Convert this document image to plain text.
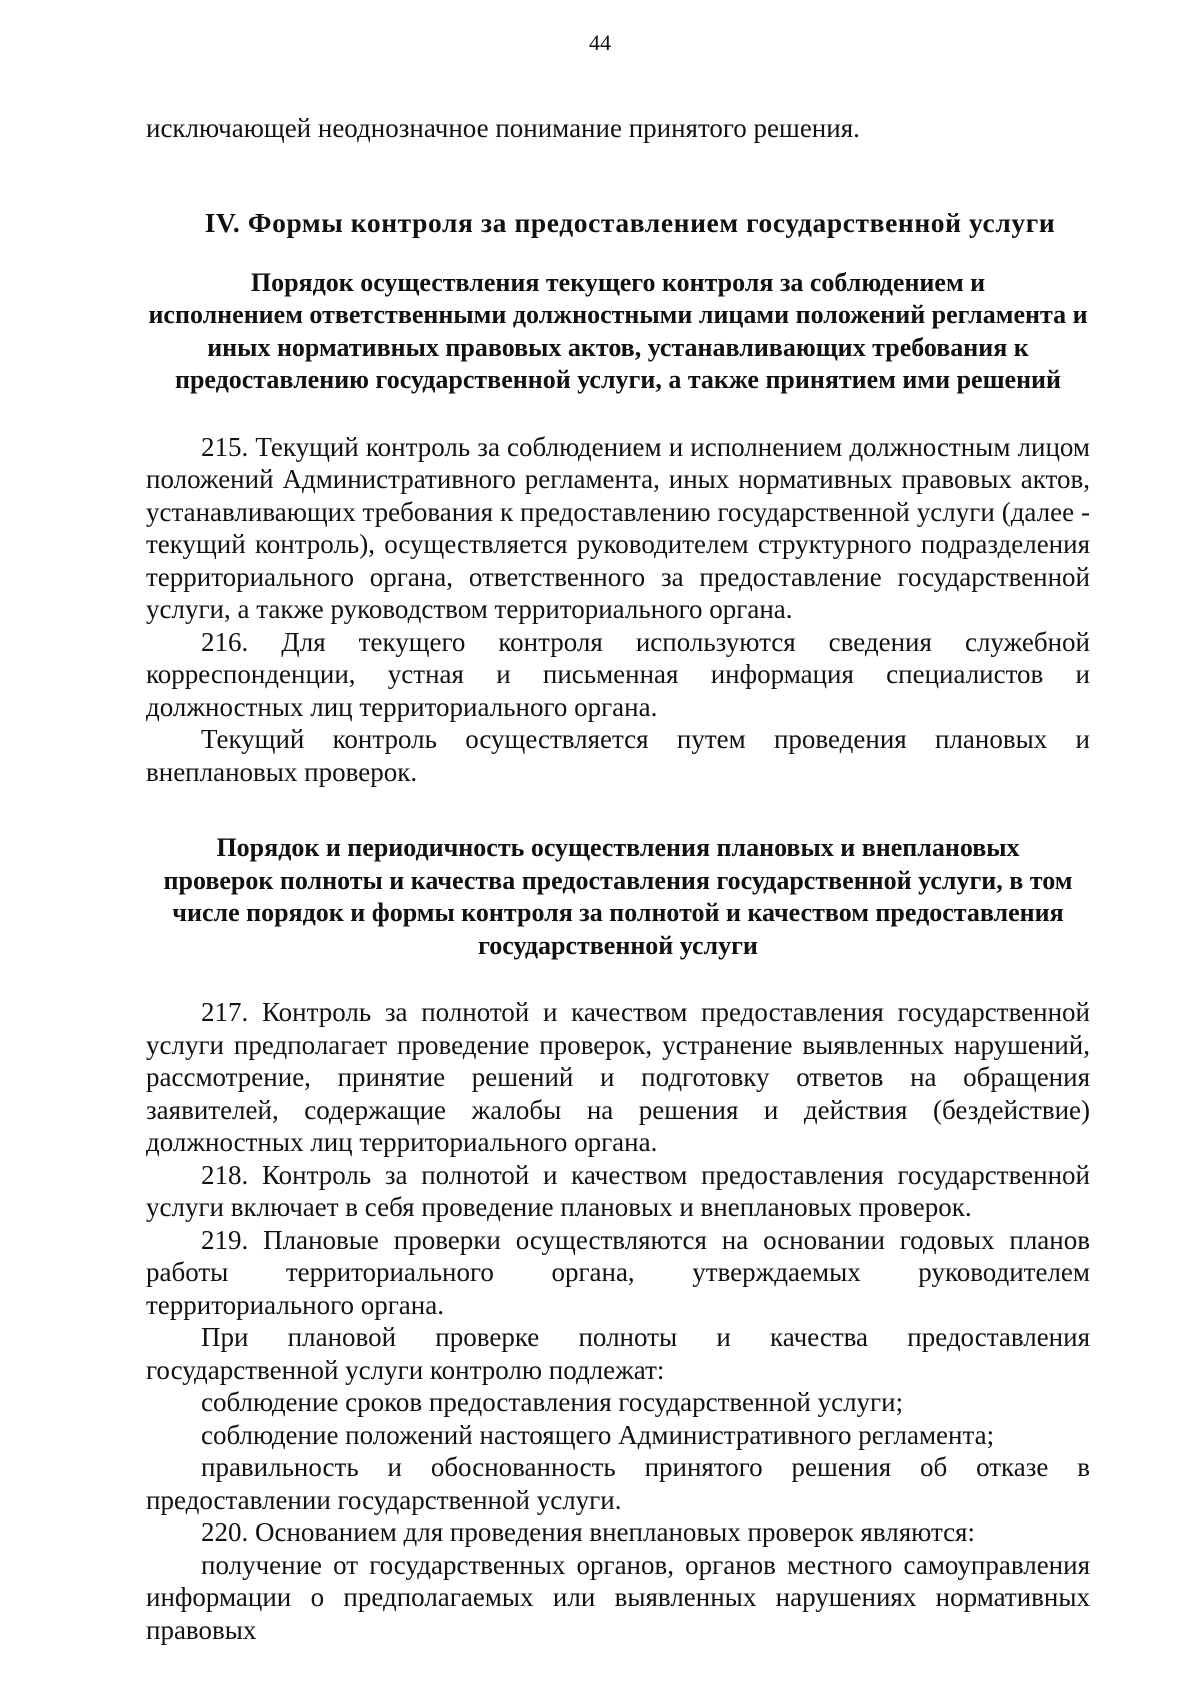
44

исключающей неоднозначное понимание принятого решения.

IV. Формы контроля за предоставлением государственной услуги
Порядок осуществления текущего контроля за соблюдением и
исполнением ответственными должностными лицами положений регламента и
иных нормативных правовых актов, устанавливающих требования к
предоставлению государственной услуги, а также принятием ими решений

215. Текущий контроль за соблюдением и исполнением должностным лицом положений Административного регламента, иных нормативных правовых актов, устанавливающих требования к предоставлению государственной услуги (далее - текущий контроль), осуществляется руководителем структурного подразделения территориального органа, ответственного за предоставление государственной услуги, а также руководством территориального органа.

216. Для текущего контроля используются сведения служебной корреспонденции, устная и письменная информация специалистов и должностных лиц территориального органа.

Текущий контроль осуществляется путем проведения плановых и внеплановых проверок.

Порядок и периодичность осуществления плановых и внеплановых
проверок полноты и качества предоставления государственной услуги, в том
числе порядок и формы контроля за полнотой и качеством предоставления
государственной услуги

217. Контроль за полнотой и качеством предоставления государственной услуги предполагает проведение проверок, устранение выявленных нарушений, рассмотрение, принятие решений и подготовку ответов на обращения заявителей, содержащие жалобы на решения и действия (бездействие) должностных лиц территориального органа.

218. Контроль за полнотой и качеством предоставления государственной услуги включает в себя проведение плановых и внеплановых проверок.

219. Плановые проверки осуществляются на основании годовых планов работы территориального органа, утверждаемых руководителем территориального органа.

При плановой проверке полноты и качества предоставления государственной услуги контролю подлежат:

соблюдение сроков предоставления государственной услуги;

соблюдение положений настоящего Административного регламента;

правильность и обоснованность принятого решения об отказе в предоставлении государственной услуги.

220. Основанием для проведения внеплановых проверок являются:

получение от государственных органов, органов местного самоуправления информации о предполагаемых или выявленных нарушениях нормативных правовых
